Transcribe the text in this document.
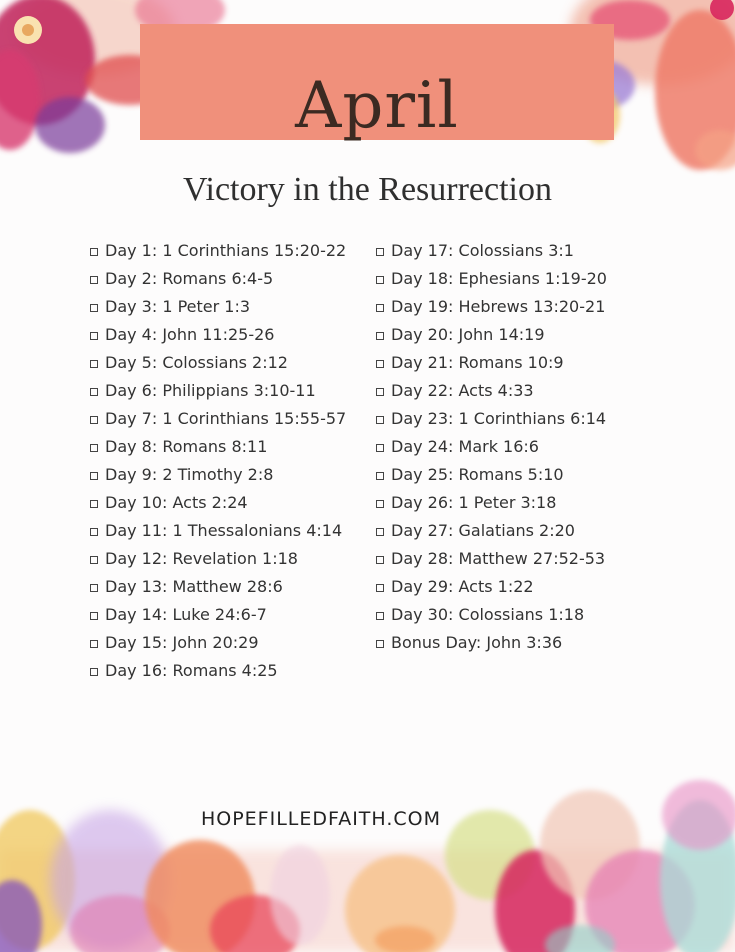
April
Victory in the Resurrection
Day 1: 1 Corinthians 15:20-22
Day 2: Romans 6:4-5
Day 3: 1 Peter 1:3
Day 4: John 11:25-26
Day 5: Colossians 2:12
Day 6: Philippians 3:10-11
Day 7: 1 Corinthians 15:55-57
Day 8: Romans 8:11
Day 9: 2 Timothy 2:8
Day 10: Acts 2:24
Day 11: 1 Thessalonians 4:14
Day 12: Revelation 1:18
Day 13: Matthew 28:6
Day 14: Luke 24:6-7
Day 15: John 20:29
Day 16: Romans 4:25
Day 17: Colossians 3:1
Day 18: Ephesians 1:19-20
Day 19: Hebrews 13:20-21
Day 20: John 14:19
Day 21: Romans 10:9
Day 22: Acts 4:33
Day 23: 1 Corinthians 6:14
Day 24: Mark 16:6
Day 25: Romans 5:10
Day 26: 1 Peter 3:18
Day 27: Galatians 2:20
Day 28: Matthew 27:52-53
Day 29: Acts 1:22
Day 30: Colossians 1:18
Bonus Day: John 3:36
HOPEFILLEDFAITH.COM
